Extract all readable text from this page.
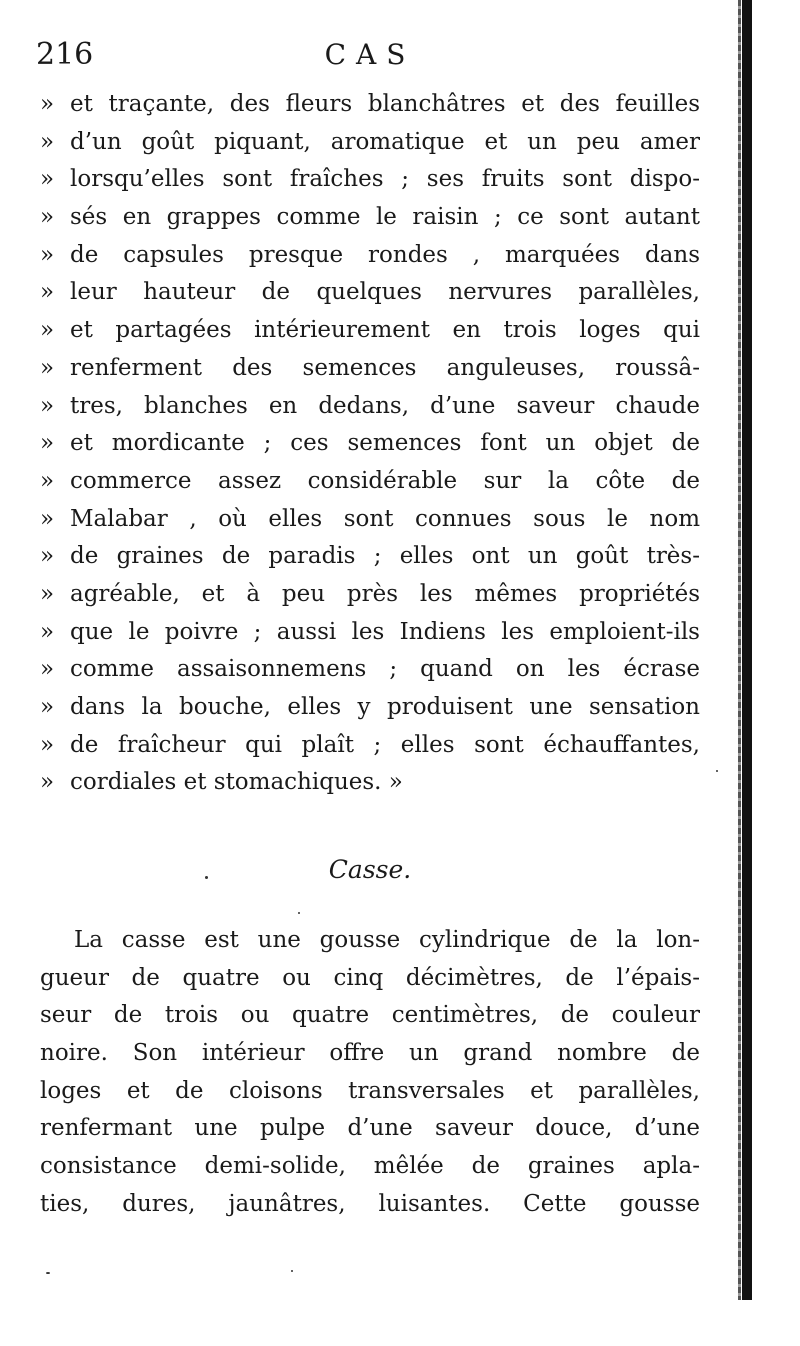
216	CAS
» et traçante, des fleurs blanchâtres et des feuilles
» d’un goût piquant, aromatique et un peu amer
» lorsqu’elles sont fraîches ; ses fruits sont dispo-
» sés en grappes comme le raisin ; ce sont autant
» de capsules presque rondes , marquées dans
» leur hauteur de quelques nervures parallèles,
» et partagées intérieurement en trois loges qui
» renferment des semences anguleuses, roussâ-
» tres, blanches en dedans, d’une saveur chaude
» et mordicante ; ces semences font un objet de
» commerce assez considérable sur la côte de
» Malabar , où elles sont connues sous le nom
» de graines de paradis ; elles ont un goût très-
» agréable, et à peu près les mêmes propriétés
» que le poivre ; aussi les Indiens les emploient-ils
» comme assaisonnemens ; quand on les écrase
» dans la bouche, elles y produisent une sensation
» de fraîcheur qui plaît ; elles sont échauffantes,
» cordiales et stomachiques. »
Casse.
La casse est une gousse cylindrique de la lon-
gueur de quatre ou cinq décimètres, de l’épais-
seur de trois ou quatre centimètres, de couleur
noire. Son intérieur offre un grand nombre de
loges et de cloisons transversales et parallèles,
renfermant une pulpe d’une saveur douce, d’une
consistance demi-solide, mêlée de graines apla-
ties, dures, jaunâtres, luisantes. Cette gousse
